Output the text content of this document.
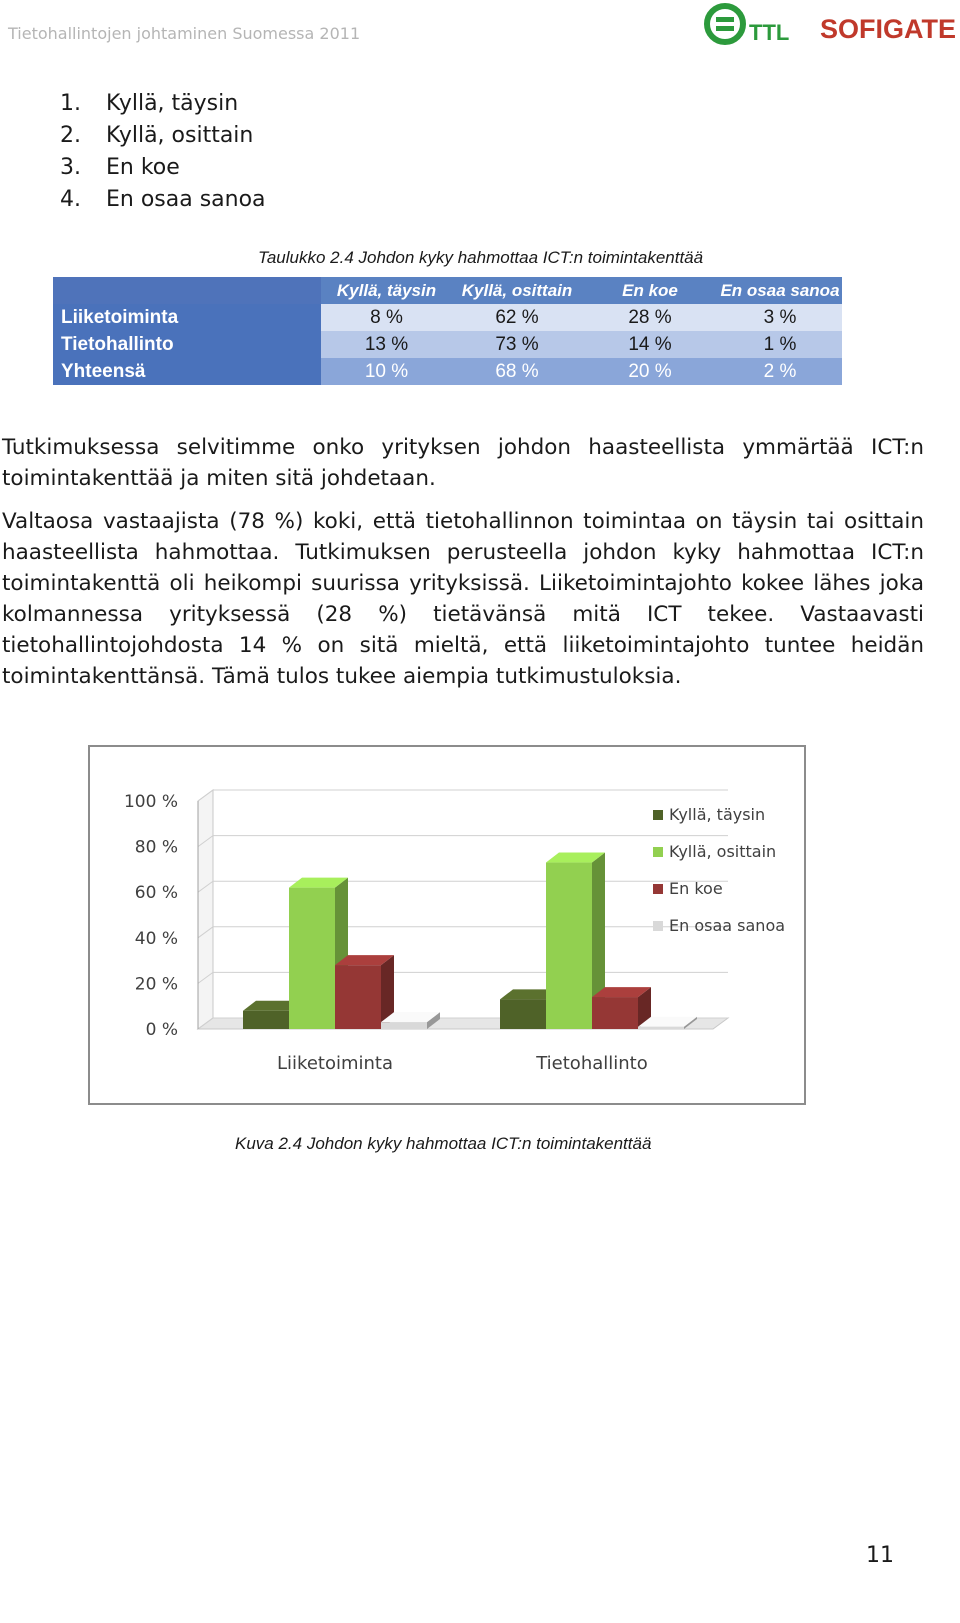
Tietohallintojen johtaminen Suomessa 2011	TTL SOFIGATE
1.	Kyllä, täysin
2.	Kyllä, osittain
3.	En koe
4.	En osaa sanoa
Taulukko 2.4 Johdon kyky hahmottaa ICT:n toimintakenttää
	Kyllä, täysin	Kyllä, osittain	En koe	En osaa sanoa
Liiketoiminta	8 %	62 %	28 %	3 %
Tietohallinto	13 %	73 %	14 %	1 %
Yhteensä	10 %	68 %	20 %	2 %
Tutkimuksessa selvitimme onko yrityksen johdon haasteellista ymmärtää ICT:n toimintakenttää ja miten sitä johdetaan.
Valtaosa vastaajista (78 %) koki, että tietohallinnon toimintaa on täysin tai osittain haasteellista hahmottaa. Tutkimuksen perusteella johdon kyky hahmottaa ICT:n toimintakenttä oli heikompi suurissa yrityksissä. Liiketoimintajohto kokee lähes joka kolmannessa yrityksessä (28 %) tietävänsä mitä ICT tekee. Vastaavasti tietohallintojohdosta 14 % on sitä mieltä, että liiketoimintajohto tuntee heidän toimintakenttänsä. Tämä tulos tukee aiempia tutkimustuloksia.
0 %
20 %
40 %
60 %
80 %
100 %
Liiketoiminta	Tietohallinto
Kyllä, täysin
Kyllä, osittain
En koe
En osaa sanoa
Kuva 2.4 Johdon kyky hahmottaa ICT:n toimintakenttää
11
